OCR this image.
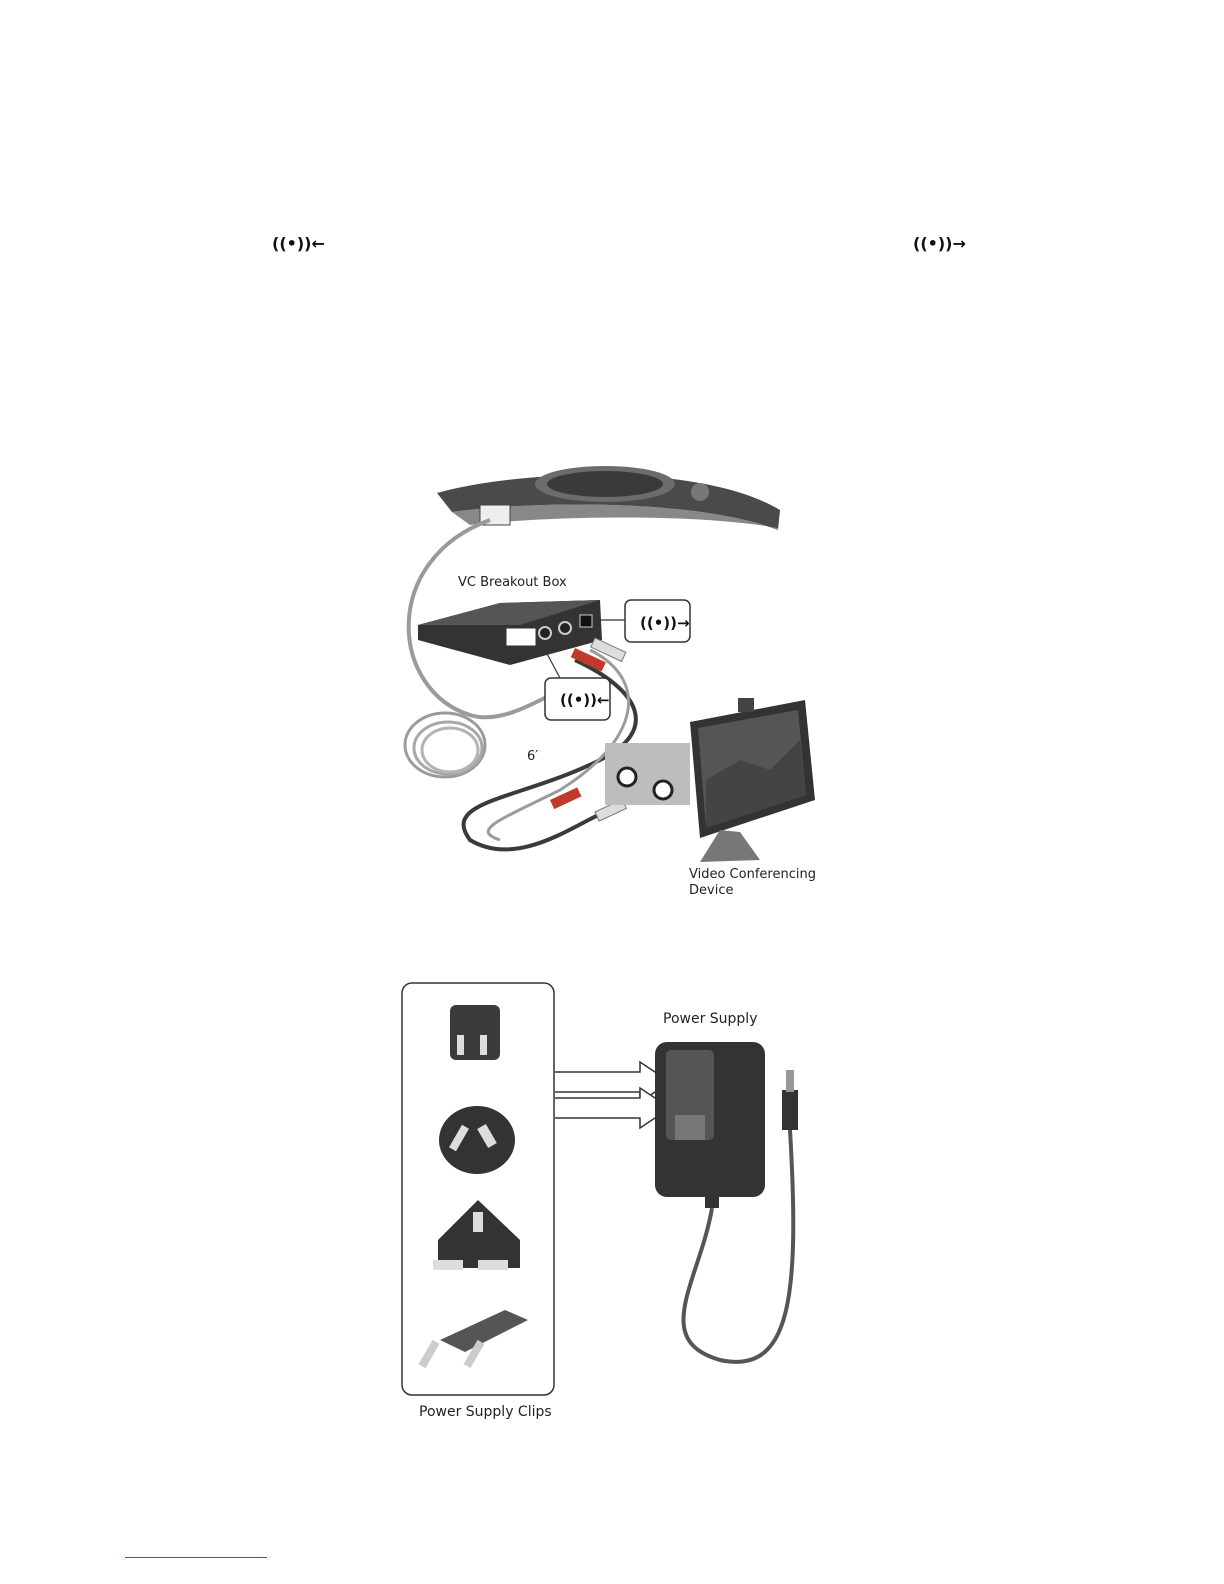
((•))←	((•))→
VC Breakout Box
((•))→
((•))←
6′
Video Conferencing
Device
Power Supply
Power Supply Clips
